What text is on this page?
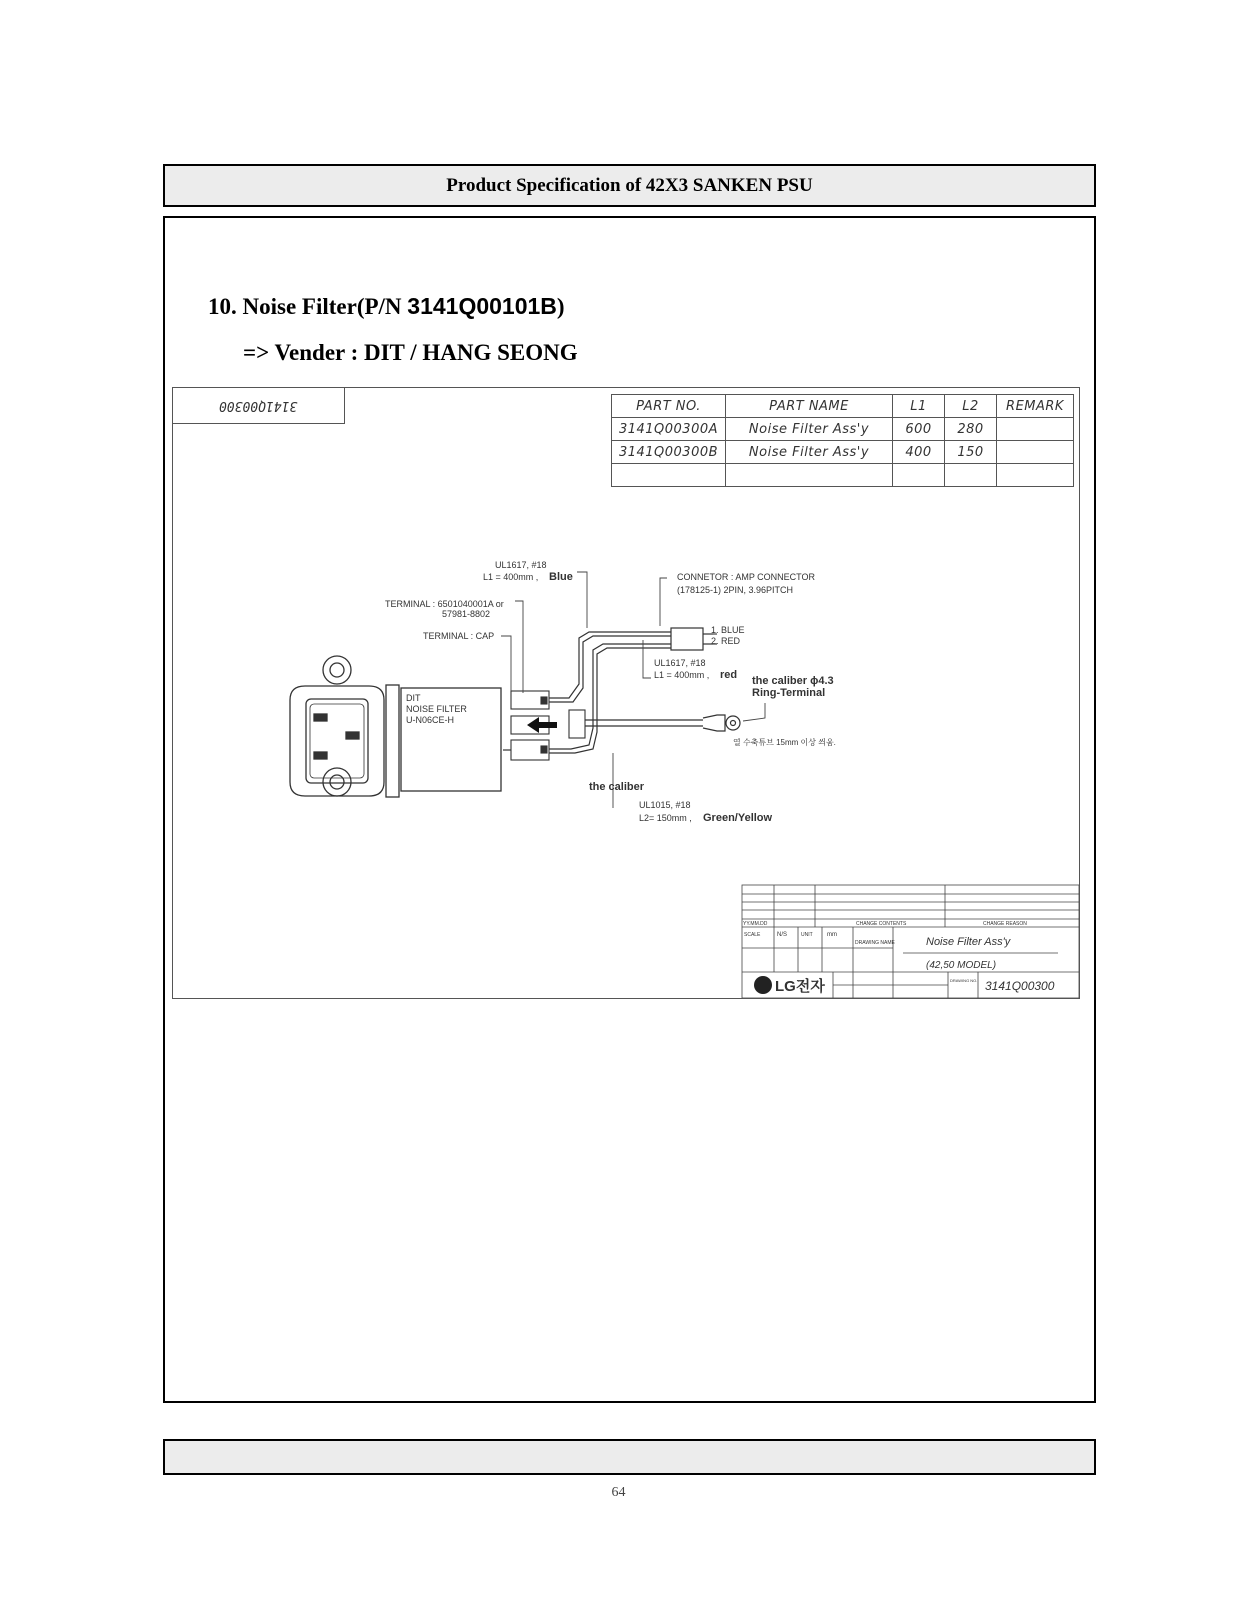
Product Specification of 42X3 SANKEN PSU
10. Noise Filter(P/N 3141Q00101B)
=> Vender : DIT / HANG SEONG
3141Q00300	PART NO.	PART NAME	L1	L2	REMARK
3141Q00300A	Noise Filter Ass'y	600	280	
3141Q00300B	Noise Filter Ass'y	400	150	

UL1617, #18
L1 = 400mm , Blue
TERMINAL : 6501040001A or
57981-8802
TERMINAL : CAP
CONNETOR : AMP CONNECTOR
(178125-1) 2PIN, 3.96PITCH
1. BLUE
2. RED
UL1617, #18
L1 = 400mm , red the caliber ϕ4.3
Ring-Terminal
DIT
NOISE FILTER
U-N06CE-H
열 수축튜브 15mm 이상 씌움.
the caliber
UL1015, #18
L2= 150mm , Green/Yellow
CHANGE CONTENTS	CHANGE REASON
YY.MM.DD
SCALE	N/S	UNIT mm
DRAWING NAME	Noise Filter Ass'y
(42,50 MODEL)
LG전자	DRAWING NO. 3141Q00300
64
